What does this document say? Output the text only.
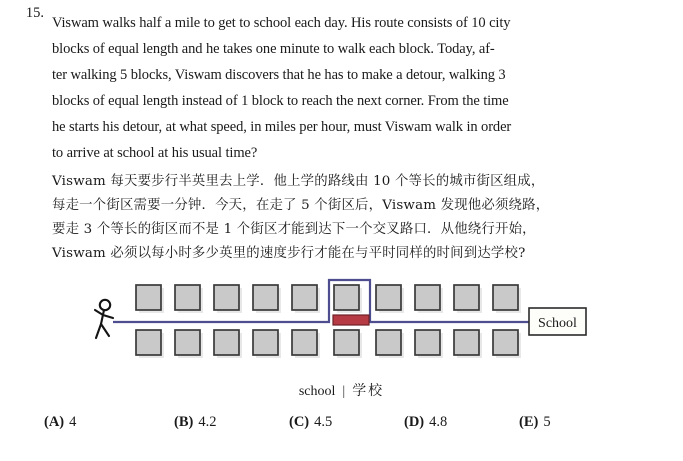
15.
Viswam walks half a mile to get to school each day. His route consists of 10 city
blocks of equal length and he takes one minute to walk each block. Today, af-
ter walking 5 blocks, Viswam discovers that he has to make a detour, walking 3
blocks of equal length instead of 1 block to reach the next corner. From the time
he starts his detour, at what speed, in miles per hour, must Viswam walk in order
to arrive at school at his usual time?
Viswam 每天要步行半英里去上学．他上学的路线由 10 个等长的城市街区组成，
每走一个街区需要一分钟．今天，在走了 5 个街区后，Viswam 发现他必须绕路，
要走 3 个等长的街区而不是 1 个街区才能到达下一个交叉路口．从他绕行开始，
Viswam 必须以每小时多少英里的速度步行才能在与平时同样的时间到达学校?
School
school | 学校
(A) 4	(B) 4.2	(C) 4.5	(D) 4.8	(E) 5
